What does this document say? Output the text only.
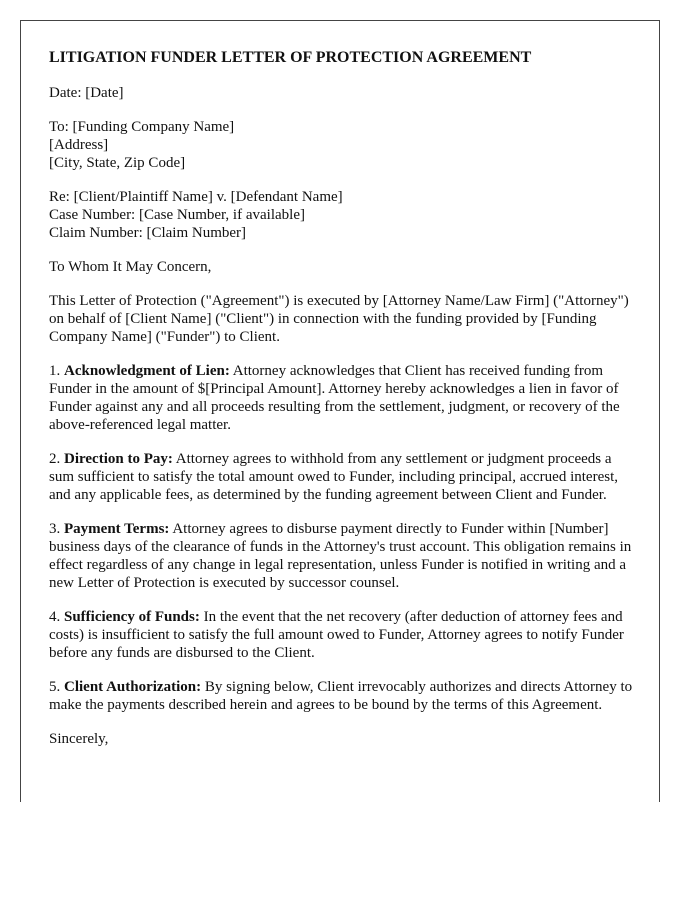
LITIGATION FUNDER LETTER OF PROTECTION AGREEMENT

Date: [Date]

To: [Funding Company Name]
[Address]
[City, State, Zip Code]

Re: [Client/Plaintiff Name] v. [Defendant Name]
Case Number: [Case Number, if available]
Claim Number: [Claim Number]

To Whom It May Concern,

This Letter of Protection ("Agreement") is executed by [Attorney Name/Law Firm] ("Attorney") on behalf of [Client Name] ("Client") in connection with the funding provided by [Funding Company Name] ("Funder") to Client.

1. Acknowledgment of Lien: Attorney acknowledges that Client has received funding from Funder in the amount of $[Principal Amount]. Attorney hereby acknowledges a lien in favor of Funder against any and all proceeds resulting from the settlement, judgment, or recovery of the above-referenced legal matter.

2. Direction to Pay: Attorney agrees to withhold from any settlement or judgment proceeds a sum sufficient to satisfy the total amount owed to Funder, including principal, accrued interest, and any applicable fees, as determined by the funding agreement between Client and Funder.

3. Payment Terms: Attorney agrees to disburse payment directly to Funder within [Number] business days of the clearance of funds in the Attorney's trust account. This obligation remains in effect regardless of any change in legal representation, unless Funder is notified in writing and a new Letter of Protection is executed by successor counsel.

4. Sufficiency of Funds: In the event that the net recovery (after deduction of attorney fees and costs) is insufficient to satisfy the full amount owed to Funder, Attorney agrees to notify Funder before any funds are disbursed to the Client.

5. Client Authorization: By signing below, Client irrevocably authorizes and directs Attorney to make the payments described herein and agrees to be bound by the terms of this Agreement.

Sincerely,
